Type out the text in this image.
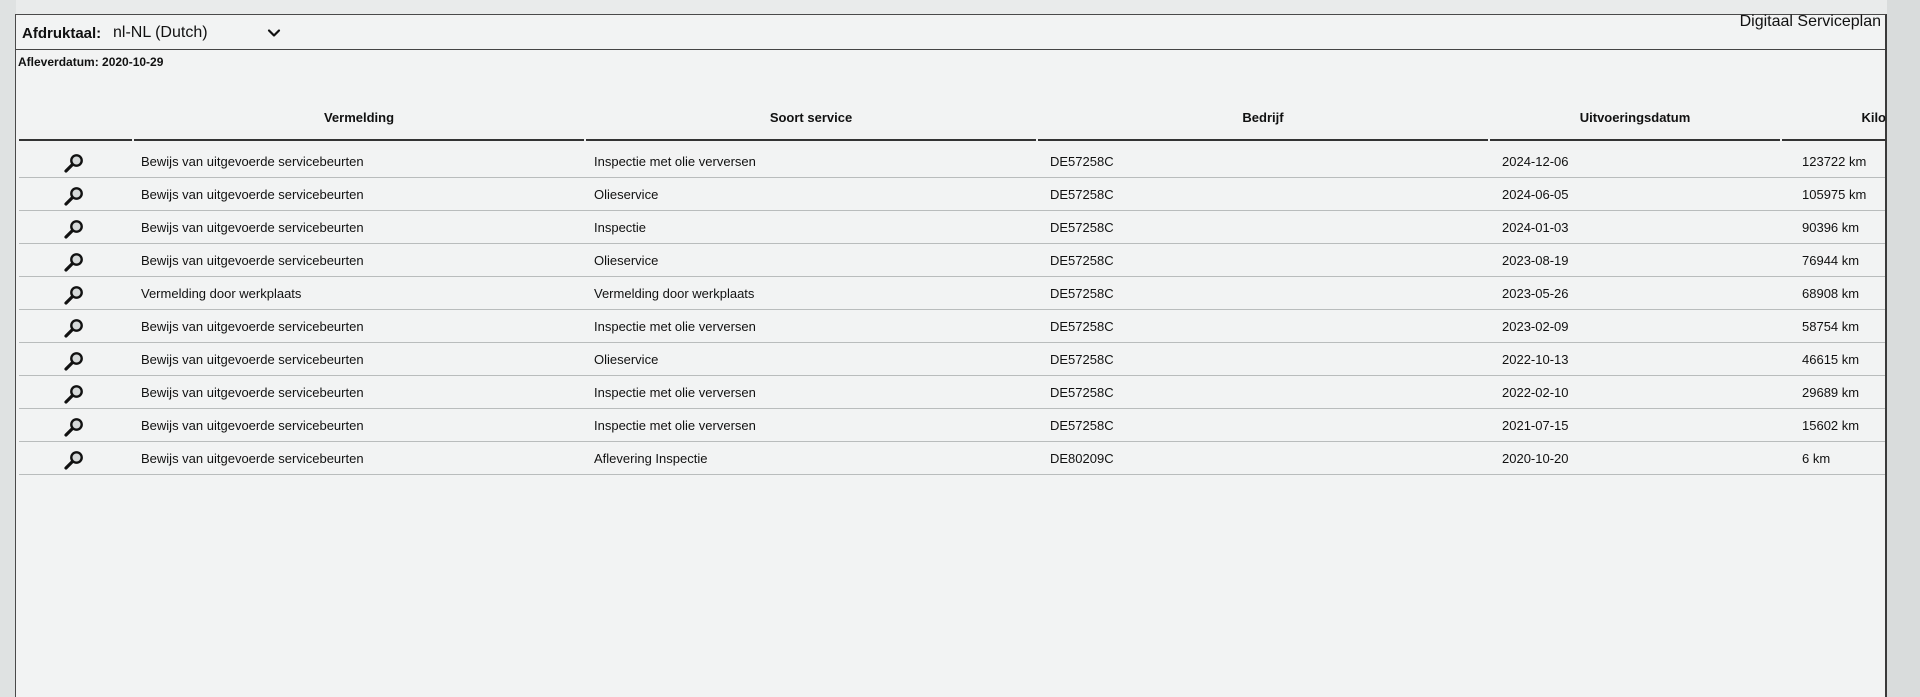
Afdruktaal: nl-NL (Dutch)
Digitaal Serviceplan
Afleverdatum: 2020-10-29
Vermelding	Soort service	Bedrijf	Uitvoeringsdatum	Kilo
Bewijs van uitgevoerde servicebeurten	Inspectie met olie verversen	DE57258C	2024-12-06	123722 km
Bewijs van uitgevoerde servicebeurten	Olieservice	DE57258C	2024-06-05	105975 km
Bewijs van uitgevoerde servicebeurten	Inspectie	DE57258C	2024-01-03	90396 km
Bewijs van uitgevoerde servicebeurten	Olieservice	DE57258C	2023-08-19	76944 km
Vermelding door werkplaats	Vermelding door werkplaats	DE57258C	2023-05-26	68908 km
Bewijs van uitgevoerde servicebeurten	Inspectie met olie verversen	DE57258C	2023-02-09	58754 km
Bewijs van uitgevoerde servicebeurten	Olieservice	DE57258C	2022-10-13	46615 km
Bewijs van uitgevoerde servicebeurten	Inspectie met olie verversen	DE57258C	2022-02-10	29689 km
Bewijs van uitgevoerde servicebeurten	Inspectie met olie verversen	DE57258C	2021-07-15	15602 km
Bewijs van uitgevoerde servicebeurten	Aflevering Inspectie	DE80209C	2020-10-20	6 km
